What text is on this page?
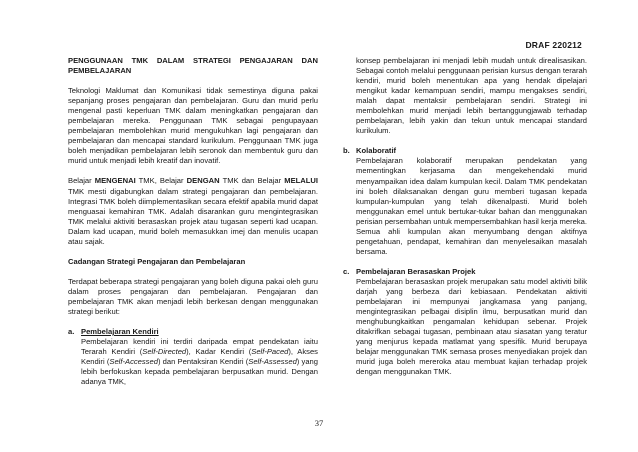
DRAF 220212

PENGGUNAAN TMK DALAM STRATEGI PENGAJARAN DAN PEMBELAJARAN

Teknologi Maklumat dan Komunikasi tidak semestinya diguna pakai sepanjang proses pengajaran dan pembelajaran. Guru dan murid perlu mengenal pasti keperluan TMK dalam meningkatkan pengajaran dan pembelajaran mereka. Penggunaan TMK sebagai pengupayaan pembelajaran membolehkan murid mengukuhkan lagi pengajaran dan pembelajaran dan mencapai standard kurikulum. Penggunaan TMK juga boleh menjadikan pembelajaran lebih seronok dan membentuk guru dan murid untuk menjadi lebih kreatif dan inovatif.

Belajar MENGENAI TMK, Belajar DENGAN TMK dan Belajar MELALUI TMK mesti digabungkan dalam strategi pengajaran dan pembelajaran. Integrasi TMK boleh diimplementasikan secara efektif apabila murid dapat menguasai kemahiran TMK. Adalah disarankan guru mengintegrasikan TMK melalui aktiviti berasaskan projek atau tugasan seperti kad ucapan. Dalam kad ucapan, murid boleh memasukkan imej dan menulis ucapan atau sajak.

Cadangan Strategi Pengajaran dan Pembelajaran

Terdapat beberapa strategi pengajaran yang boleh diguna pakai oleh guru dalam proses pengajaran dan pembelajaran. Pengajaran dan pembelajaran TMK akan menjadi lebih berkesan dengan menggunakan strategi berikut:

a. Pembelajaran Kendiri
Pembelajaran kendiri ini terdiri daripada empat pendekatan iaitu Terarah Kendiri (Self-Directed), Kadar Kendiri (Self-Paced), Akses Kendiri (Self-Accessed) dan Pentaksiran Kendiri (Self-Assessed) yang lebih berfokuskan kepada pembelajaran berpusatkan murid. Dengan adanya TMK,
konsep pembelajaran ini menjadi lebih mudah untuk direalisasikan. Sebagai contoh melalui penggunaan perisian kursus dengan terarah kendiri, murid boleh menentukan apa yang hendak dipelajari mengikut kadar kemampuan sendiri, mampu mengakses sendiri, malah dapat mentaksir pembelajaran sendiri. Strategi ini membolehkan murid menjadi lebih bertanggungjawab terhadap pembelajaran, lebih yakin dan tekun untuk mencapai standard kurikulum.
b. Kolaboratif
Pembelajaran kolaboratif merupakan pendekatan yang mementingkan kerjasama dan mengekehendaki murid menyampaikan idea dalam kumpulan kecil. Dalam TMK pendekatan ini boleh dilaksanakan dengan guru memberi tugasan kepada kumpulan-kumpulan yang telah dikenalpasti. Murid boleh menggunakan emel untuk bertukar-tukar bahan dan menggunakan perisian persembahan untuk mempersembahkan hasil kerja mereka. Semua ahli kumpulan akan menyumbang dengan aktifnya pengetahuan, pendapat, kemahiran dan menyelesaikan masalah bersama.
c. Pembelajaran Berasaskan Projek
Pembelajaran berasaskan projek merupakan satu model aktiviti bilik darjah yang berbeza dari kebiasaan. Pendekatan aktiviti pembelajaran ini mempunyai jangkamasa yang panjang, mengintegrasikan pelbagai disiplin ilmu, berpusatkan murid dan menghubungkaitkan pengamalan kehidupan sebenar. Projek ditakrifkan sebagai tugasan, pembinaan atau siasatan yang teratur yang menjurus kepada matlamat yang spesifik. Murid berupaya belajar menggunakan TMK semasa proses menyediakan projek dan murid juga boleh mereroka atau membuat kajian terhadap projek dengan menggunakan TMK.
37
